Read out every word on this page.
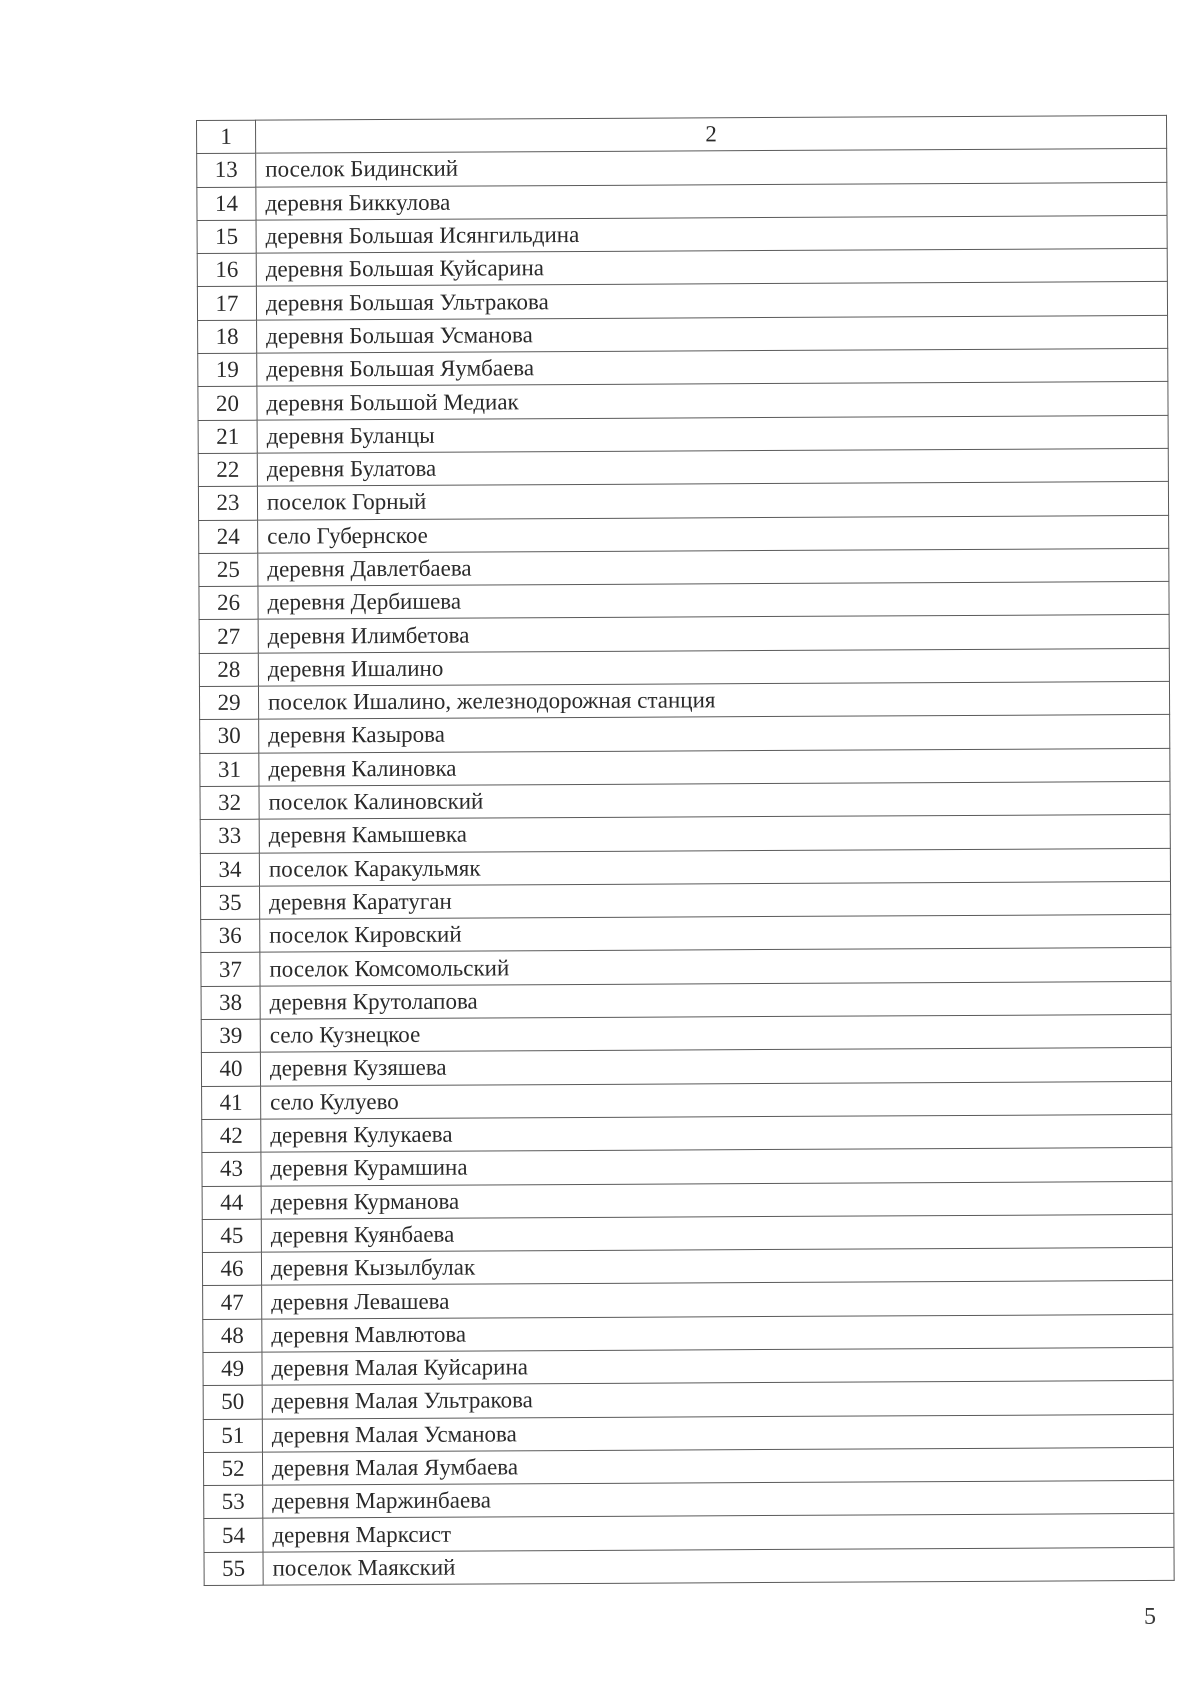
1	2
13	поселок Бидинский
14	деревня Биккулова
15	деревня Большая Исянгильдина
16	деревня Большая Куйсарина
17	деревня Большая Ультракова
18	деревня Большая Усманова
19	деревня Большая Яумбаева
20	деревня Большой Медиак
21	деревня Буланцы
22	деревня Булатова
23	поселок Горный
24	село Губернское
25	деревня Давлетбаева
26	деревня Дербишева
27	деревня Илимбетова
28	деревня Ишалино
29	поселок Ишалино, железнодорожная станция
30	деревня Казырова
31	деревня Калиновка
32	поселок Калиновский
33	деревня Камышевка
34	поселок Каракульмяк
35	деревня Каратуган
36	поселок Кировский
37	поселок Комсомольский
38	деревня Крутолапова
39	село Кузнецкое
40	деревня Кузяшева
41	село Кулуево
42	деревня Кулукаева
43	деревня Курамшина
44	деревня Курманова
45	деревня Куянбаева
46	деревня Кызылбулак
47	деревня Левашева
48	деревня Мавлютова
49	деревня Малая Куйсарина
50	деревня Малая Ультракова
51	деревня Малая Усманова
52	деревня Малая Яумбаева
53	деревня Маржинбаева
54	деревня Марксист
55	поселок Маякский
5
